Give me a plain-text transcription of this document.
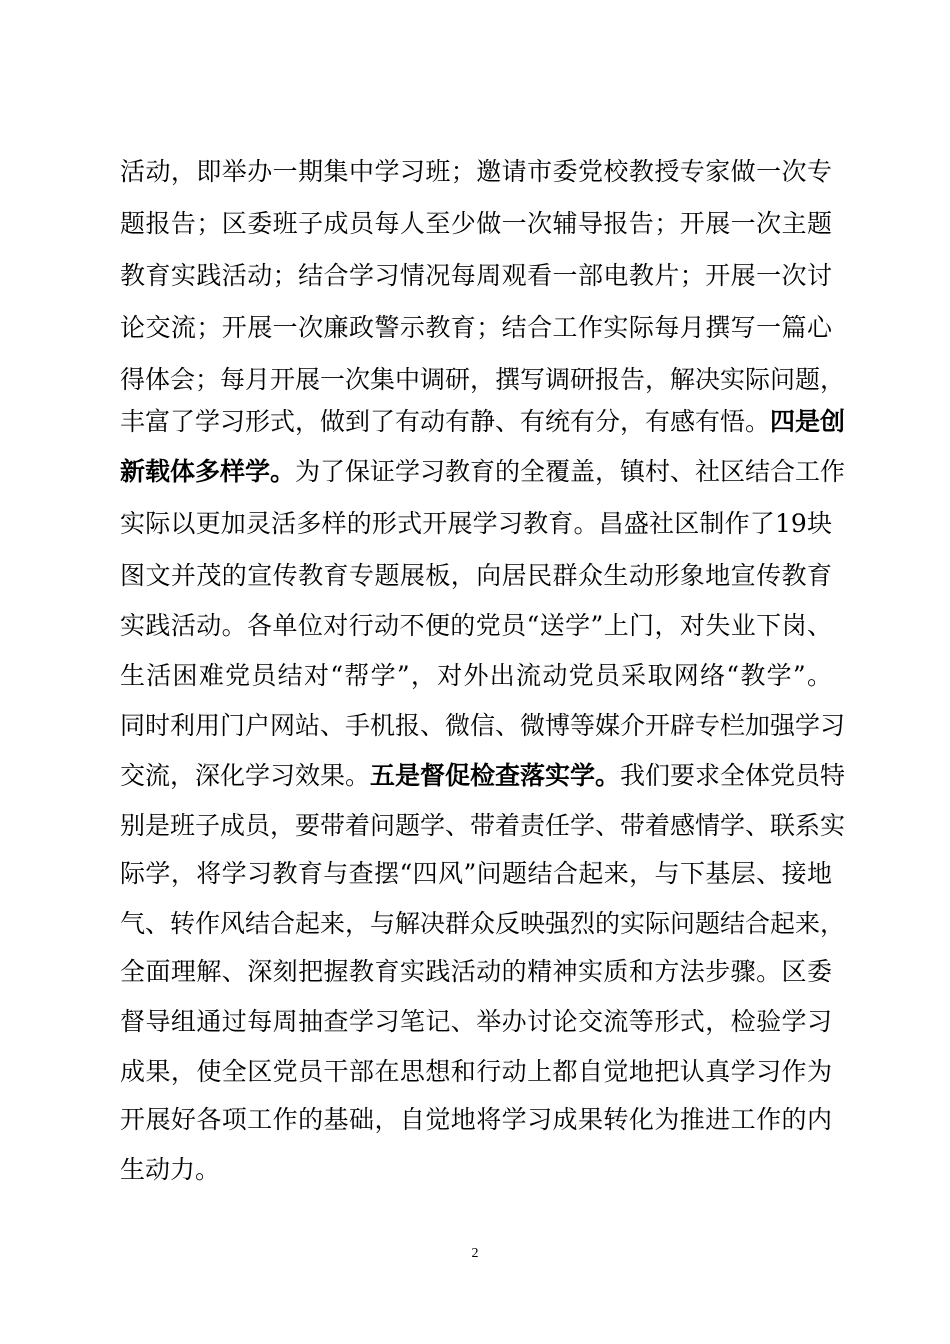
活动，即举办一期集中学习班；邀请市委党校教授专家做一次专
题报告；区委班子成员每人至少做一次辅导报告；开展一次主题
教育实践活动；结合学习情况每周观看一部电教片；开展一次讨
论交流；开展一次廉政警示教育；结合工作实际每月撰写一篇心
得体会；每月开展一次集中调研，撰写调研报告，解决实际问题，
丰富了学习形式，做到了有动有静、有统有分，有感有悟。四是创
新载体多样学。为了保证学习教育的全覆盖，镇村、社区结合工作
实际以更加灵活多样的形式开展学习教育。昌盛社区制作了19块
图文并茂的宣传教育专题展板，向居民群众生动形象地宣传教育
实践活动。各单位对行动不便的党员“送学”上门，对失业下岗、
生活困难党员结对“帮学”，对外出流动党员采取网络“教学”。
同时利用门户网站、手机报、微信、微博等媒介开辟专栏加强学习
交流，深化学习效果。五是督促检查落实学。我们要求全体党员特
别是班子成员，要带着问题学、带着责任学、带着感情学、联系实
际学，将学习教育与查摆“四风”问题结合起来，与下基层、接地
气、转作风结合起来，与解决群众反映强烈的实际问题结合起来，
全面理解、深刻把握教育实践活动的精神实质和方法步骤。区委
督导组通过每周抽查学习笔记、举办讨论交流等形式，检验学习
成果，使全区党员干部在思想和行动上都自觉地把认真学习作为
开展好各项工作的基础，自觉地将学习成果转化为推进工作的内
生动力。
2
